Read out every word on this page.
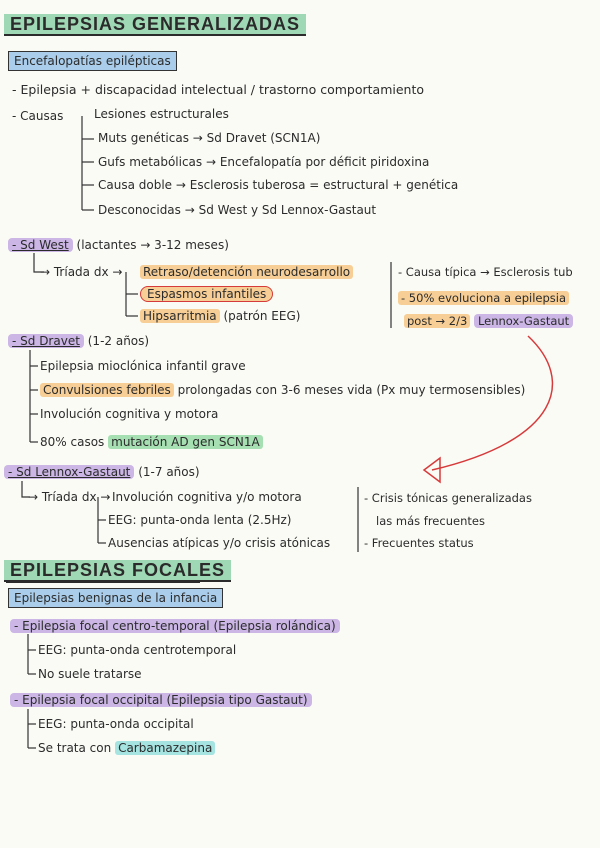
EPILEPSIAS GENERALIZADAS
Encefalopatías epilépticas
- Epilepsia + discapacidad intelectual / trastorno comportamiento
- Causas	Lesiones estructurales
Muts genéticas → Sd Dravet (SCN1A)
Gufs metabólicas → Encefalopatía por déficit piridoxina
Causa doble → Esclerosis tuberosa = estructural + genética
Desconocidas → Sd West y Sd Lennox-Gastaut
- Sd West (lactantes → 3-12 meses)
→ Tríada dx → Retraso/detención neurodesarrollo
Espasmos infantiles
Hipsarritmia (patrón EEG)
- Causa típica → Esclerosis tub
- 50% evoluciona a epilepsia
post → 2/3 Lennox-Gastaut
- Sd Dravet (1-2 años)
Epilepsia mioclónica infantil grave
Convulsiones febriles prolongadas con 3-6 meses vida (Px muy termosensibles)
Involución cognitiva y motora
80% casos mutación AD gen SCN1A
- Sd Lennox-Gastaut (1-7 años)
→ Tríada dx → Involución cognitiva y/o motora
EEG: punta-onda lenta (2.5Hz)
Ausencias atípicas y/o crisis atónicas
- Crisis tónicas generalizadas
las más frecuentes
- Frecuentes status
EPILEPSIAS FOCALES
Epilepsias benignas de la infancia
- Epilepsia focal centro-temporal (Epilepsia rolándica)
EEG: punta-onda centrotemporal
No suele tratarse
- Epilepsia focal occipital (Epilepsia tipo Gastaut)
EEG: punta-onda occipital
Se trata con Carbamazepina
